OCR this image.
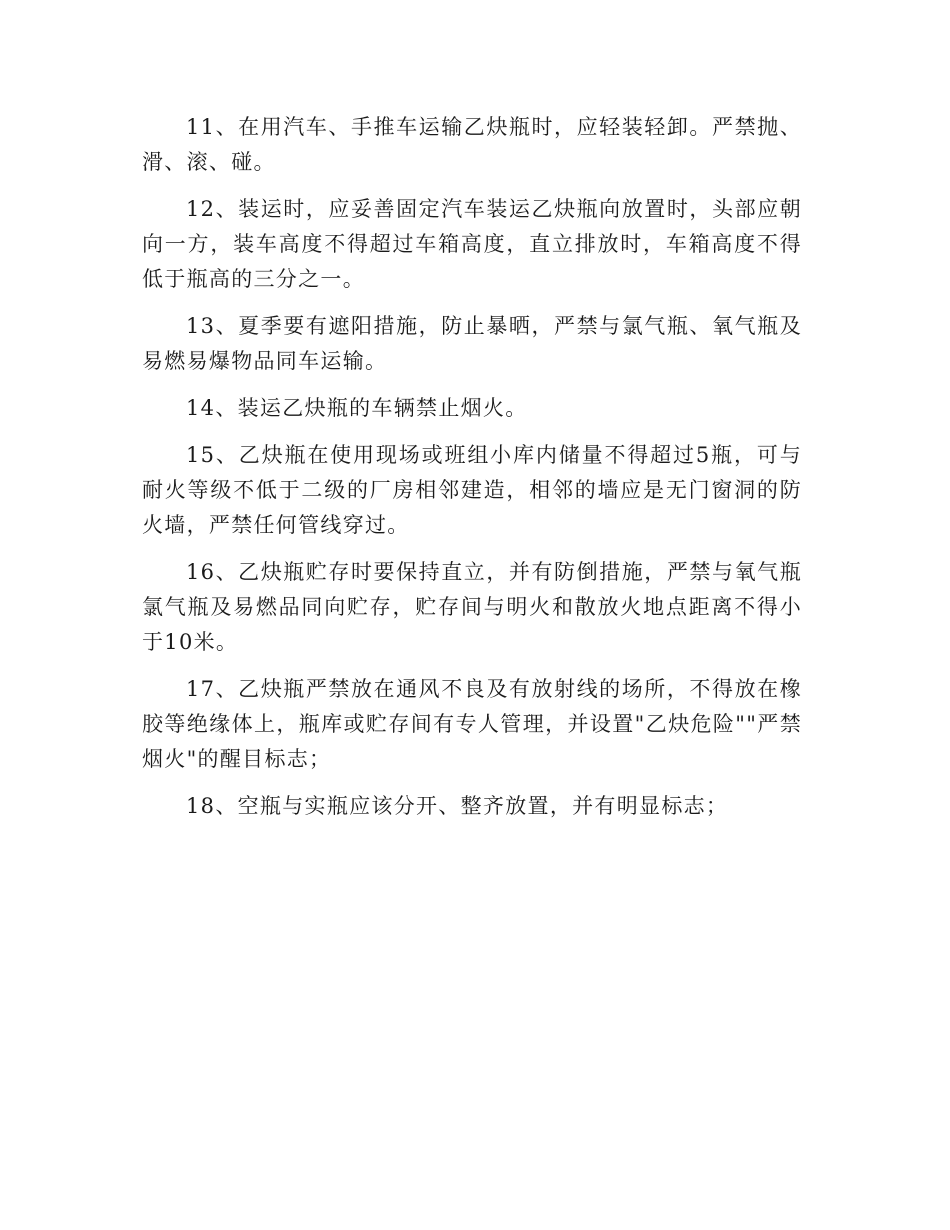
11、在用汽车、手推车运输乙炔瓶时，应轻装轻卸。严禁抛、滑、滚、碰。

12、装运时，应妥善固定汽车装运乙炔瓶向放置时，头部应朝向一方，装车高度不得超过车箱高度，直立排放时，车箱高度不得低于瓶高的三分之一。

13、夏季要有遮阳措施，防止暴晒，严禁与氯气瓶、氧气瓶及易燃易爆物品同车运输。

14、装运乙炔瓶的车辆禁止烟火。

15、乙炔瓶在使用现场或班组小库内储量不得超过5瓶，可与耐火等级不低于二级的厂房相邻建造，相邻的墙应是无门窗洞的防火墙，严禁任何管线穿过。

16、乙炔瓶贮存时要保持直立，并有防倒措施，严禁与氧气瓶氯气瓶及易燃品同向贮存，贮存间与明火和散放火地点距离不得小于10米。

17、乙炔瓶严禁放在通风不良及有放射线的场所，不得放在橡胶等绝缘体上，瓶库或贮存间有专人管理，并设置"乙炔危险""严禁烟火"的醒目标志；

18、空瓶与实瓶应该分开、整齐放置，并有明显标志；
